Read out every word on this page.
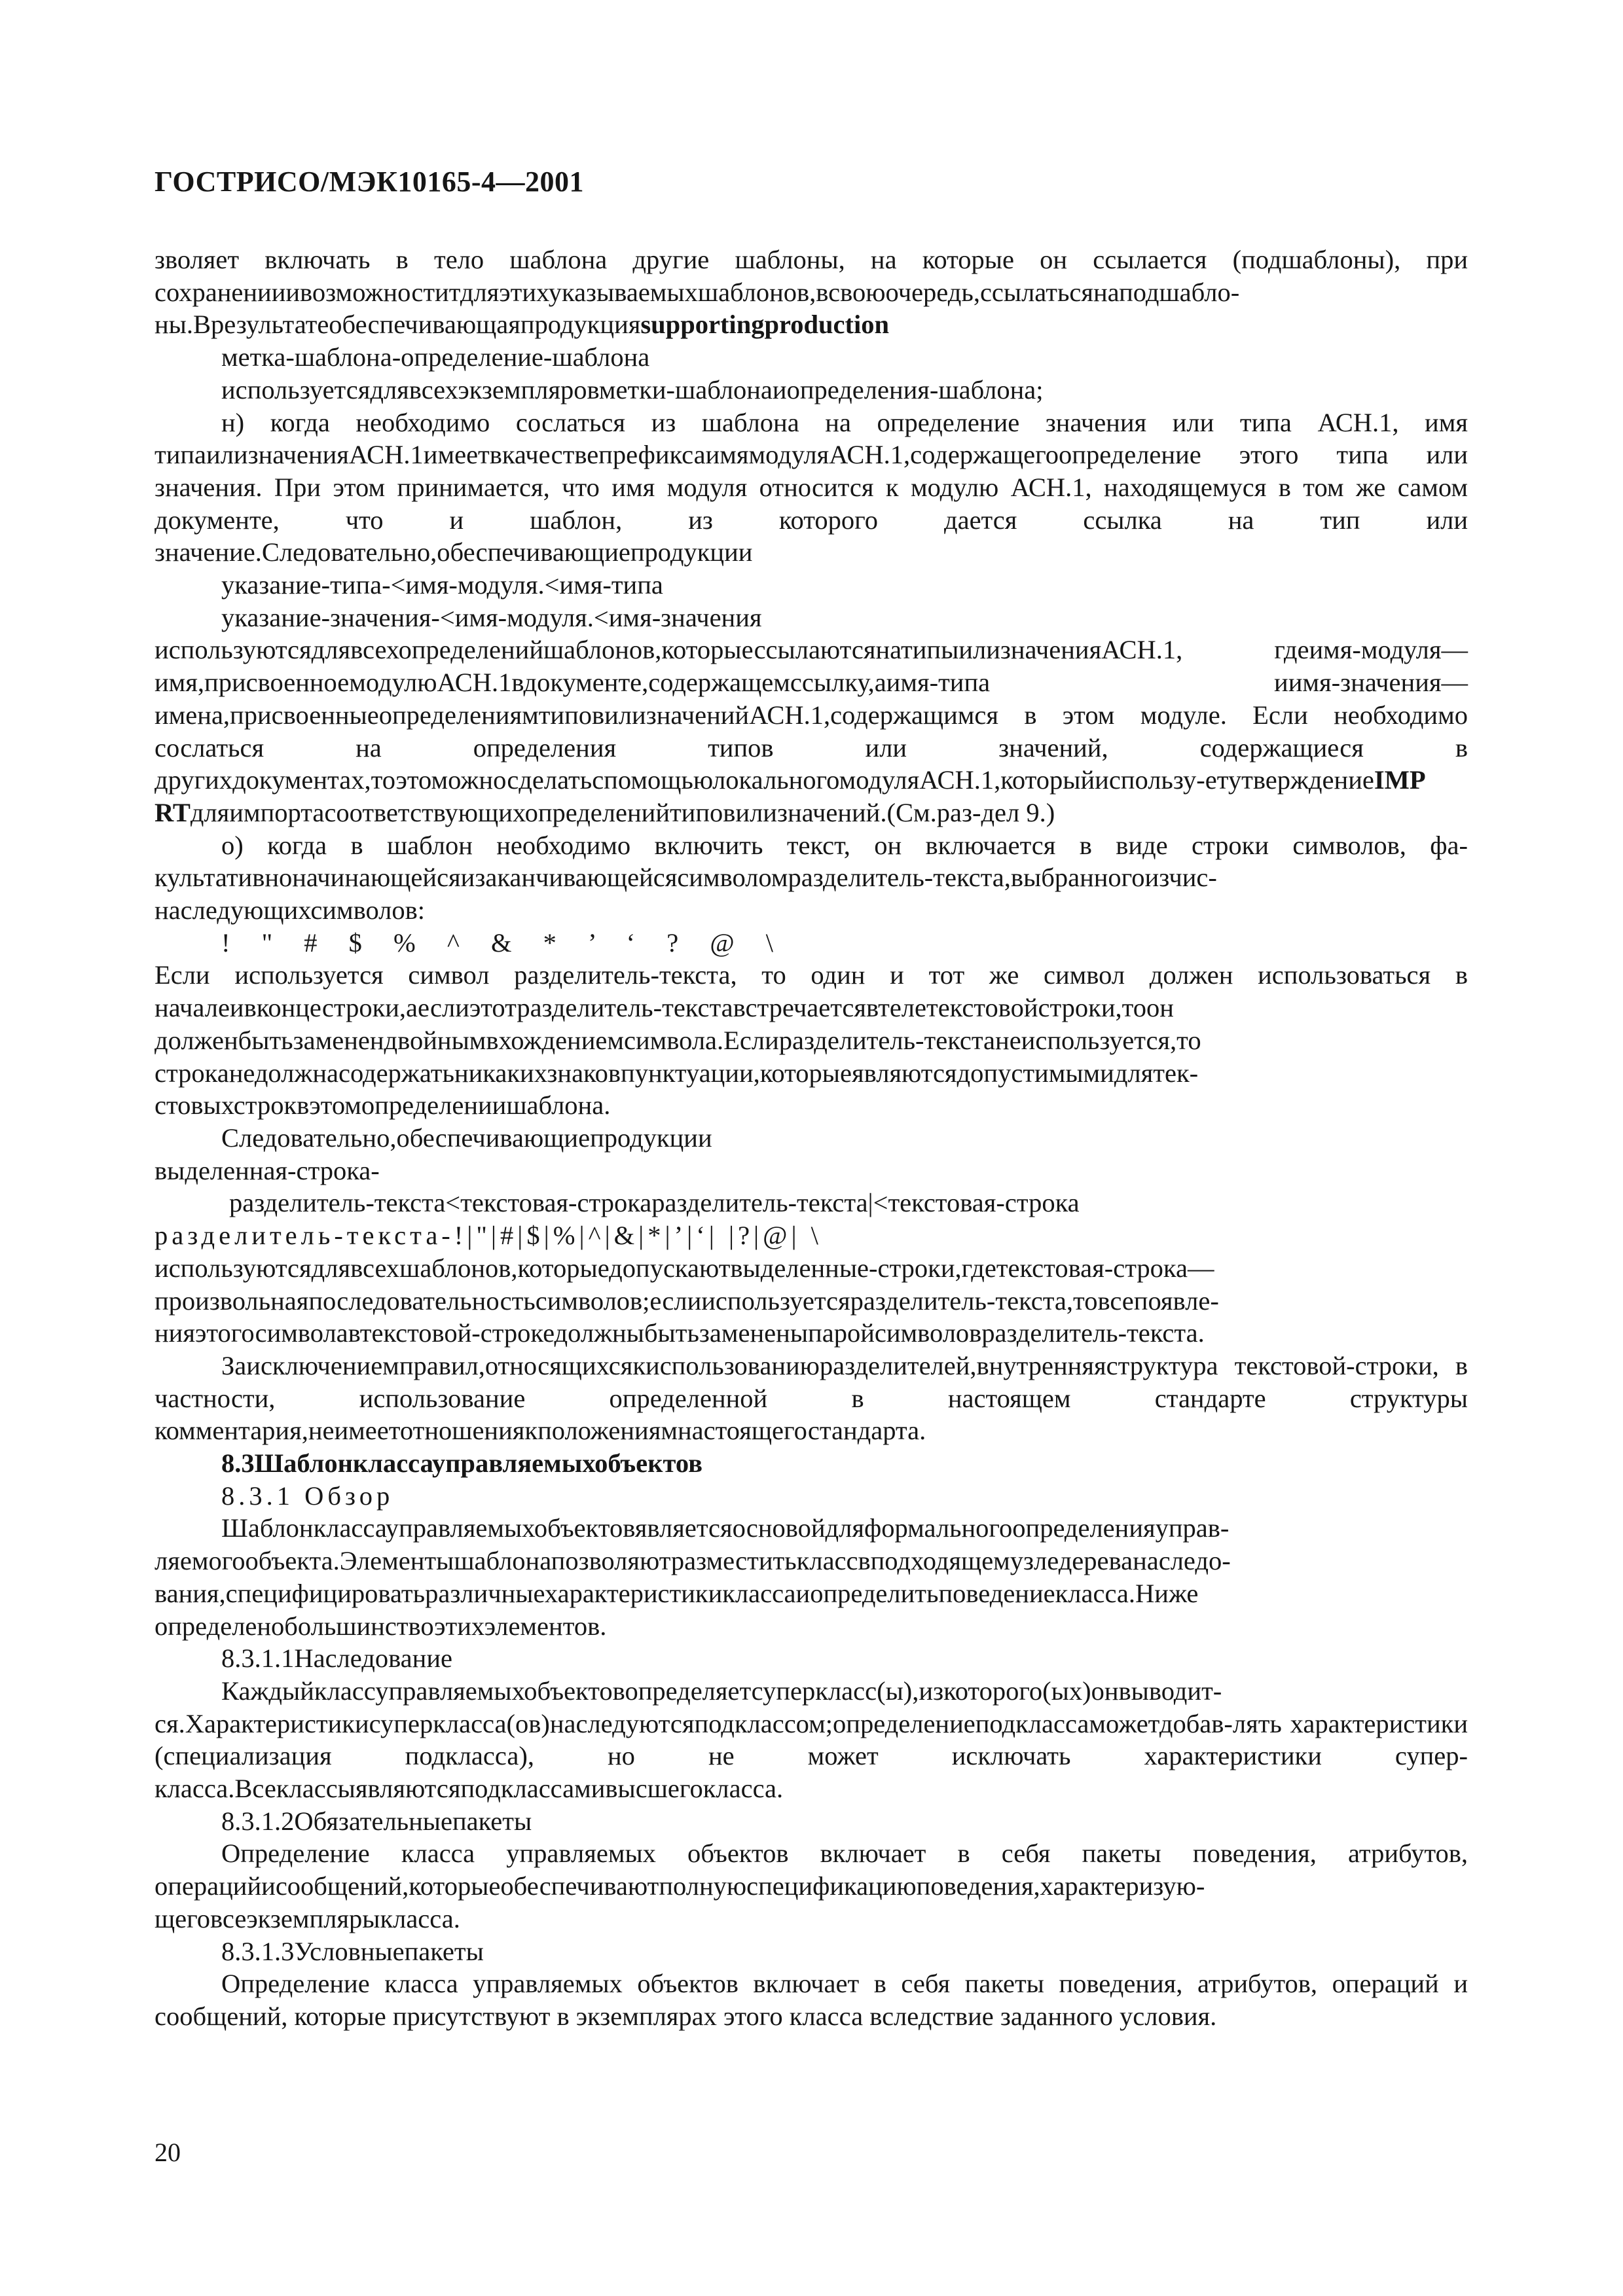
ГОСТРИСО/МЭК10165-4—2001

зволяет включать в тело шаблона другие шаблоны, на которые он ссылается (подшаблоны), при сохраненииивозможноститдляэтихуказываемыхшаблонов,всвоюочередь,ссылатьсянаподшабло-ны.Врезультатеобеспечивающаяпродукцияsupportingproduction

метка-шаблона-определение-шаблона

используетсядлявсехэкземпляровметки-шаблонаиопределения-шаблона;

н) когда необходимо сослаться из шаблона на определение значения или типа АСН.1, имя типаилизначенияАСН.1имеетвкачествепрефиксаимямодуляАСН.1,содержащегоопределение этого типа или значения. При этом принимается, что имя модуля относится к модулю АСН.1, находящемуся в том же самом документе, что и шаблон, из которого дается ссылка на тип или значение.Следовательно,обеспечивающиепродукции

указание-типа-<имя-модуля.<имя-типа

указание-значения-<имя-модуля.<имя-значения

используютсядлявсехопределенийшаблонов,которыессылаютсянатипыилизначенияАСН.1, гдеимя-модуля—имя,присвоенноемодулюАСН.1вдокументе,содержащемссылку,аимя-типа иимя-значения—имена,присвоенныеопределениямтиповилизначенийАСН.1,содержащимся в этом модуле. Если необходимо сослаться на определения типов или значений, содержащиеся в другихдокументах,тоэтоможносделатьспомощьюлокальногомодуляАСН.1,которыйиспользу-етутверждениеIMP RTдляимпортасоответствующихопределенийтиповилизначений.(См.раз-дел 9.)

о) когда в шаблон необходимо включить текст, он включается в виде строки символов, фа-культативноначинающейсяизаканчивающейсясимволомразделитель-текста,выбранногоизчис-наследующихсимволов:

! " # $ % ^ & * ’ ‘ ? @ \

Если используется символ разделитель-текста, то один и тот же символ должен использоваться в началеивконцестроки,аеслиэтотразделитель-текставстречаетсявтелетекстовойстроки,тоон долженбытьзаменендвойнымвхождениемсимвола.Еслиразделитель-текстанеиспользуется,то строканедолжнасодержатьникакихзнаковпунктуации,которыеявляютсядопустимымидлятек-стовыхстроквэтомопределениишаблона.

Следовательно,обеспечивающиепродукции

выделенная-строка-

разделитель-текста<текстовая-строкаразделитель-текста|<текстовая-строка

разделитель-текста-!|"|#|$|%|^|&|*|’|‘| |?|@| \

используютсядлявсехшаблонов,которыедопускаютвыделенные-строки,гдетекстовая-строка— произвольнаяпоследовательностьсимволов;еслииспользуетсяразделитель-текста,товсепоявле-нияэтогосимволавтекстовой-строкедолжныбытьзамененыпаройсимволовразделитель-текста.

Заисключениемправил,относящихсякиспользованиюразделителей,внутренняяструктура текстовой-строки, в частности, использование определенной в настоящем стандарте структуры комментария,неимеетотношениякположениямнастоящегостандарта.

8.3Шаблонклассауправляемыхобъектов

8.3.1 Обзор

Шаблонклассауправляемыхобъектовявляетсяосновойдляформальногоопределенияуправ-ляемогообъекта.Элементышаблонапозволяютразместитьклассвподходящемузледереванаследо-вания,специфицироватьразличныехарактеристикиклассаиопределитьповедениекласса.Ниже определенобольшинствоэтихэлементов.

8.3.1.1Наследование

Каждыйклассуправляемыхобъектовопределяетсуперкласс(ы),изкоторого(ых)онвыводит-ся.Характеристикисуперкласса(ов)наследуютсяподклассом;определениеподклассаможетдобав-лять характеристики (специализация подкласса), но не может исключать характеристики супер-класса.Всеклассыявляютсяподклассамивысшегокласса.

8.3.1.2Обязательныепакеты

Определение класса управляемых объектов включает в себя пакеты поведения, атрибутов, операцийисообщений,которыеобеспечиваютполнуюспецификациюповедения,характеризую-щеговсеэкземплярыкласса.

8.3.1.3Условныепакеты

Определение класса управляемых объектов включает в себя пакеты поведения, атрибутов, операций и сообщений, которые присутствуют в экземплярах этого класса вследствие заданного условия.

20
